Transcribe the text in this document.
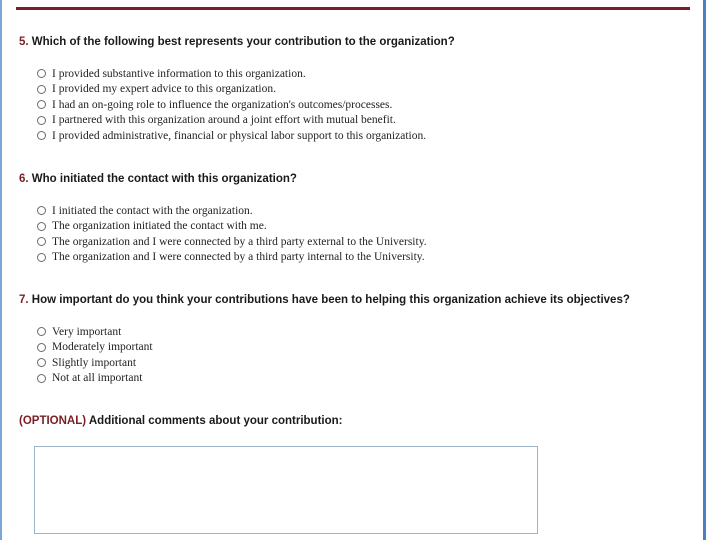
5. Which of the following best represents your contribution to the organization?
I provided substantive information to this organization.
I provided my expert advice to this organization.
I had an on-going role to influence the organization's outcomes/processes.
I partnered with this organization around a joint effort with mutual benefit.
I provided administrative, financial or physical labor support to this organization.
6. Who initiated the contact with this organization?
I initiated the contact with the organization.
The organization initiated the contact with me.
The organization and I were connected by a third party external to the University.
The organization and I were connected by a third party internal to the University.
7. How important do you think your contributions have been to helping this organization achieve its objectives?
Very important
Moderately important
Slightly important
Not at all important
(OPTIONAL) Additional comments about your contribution:
